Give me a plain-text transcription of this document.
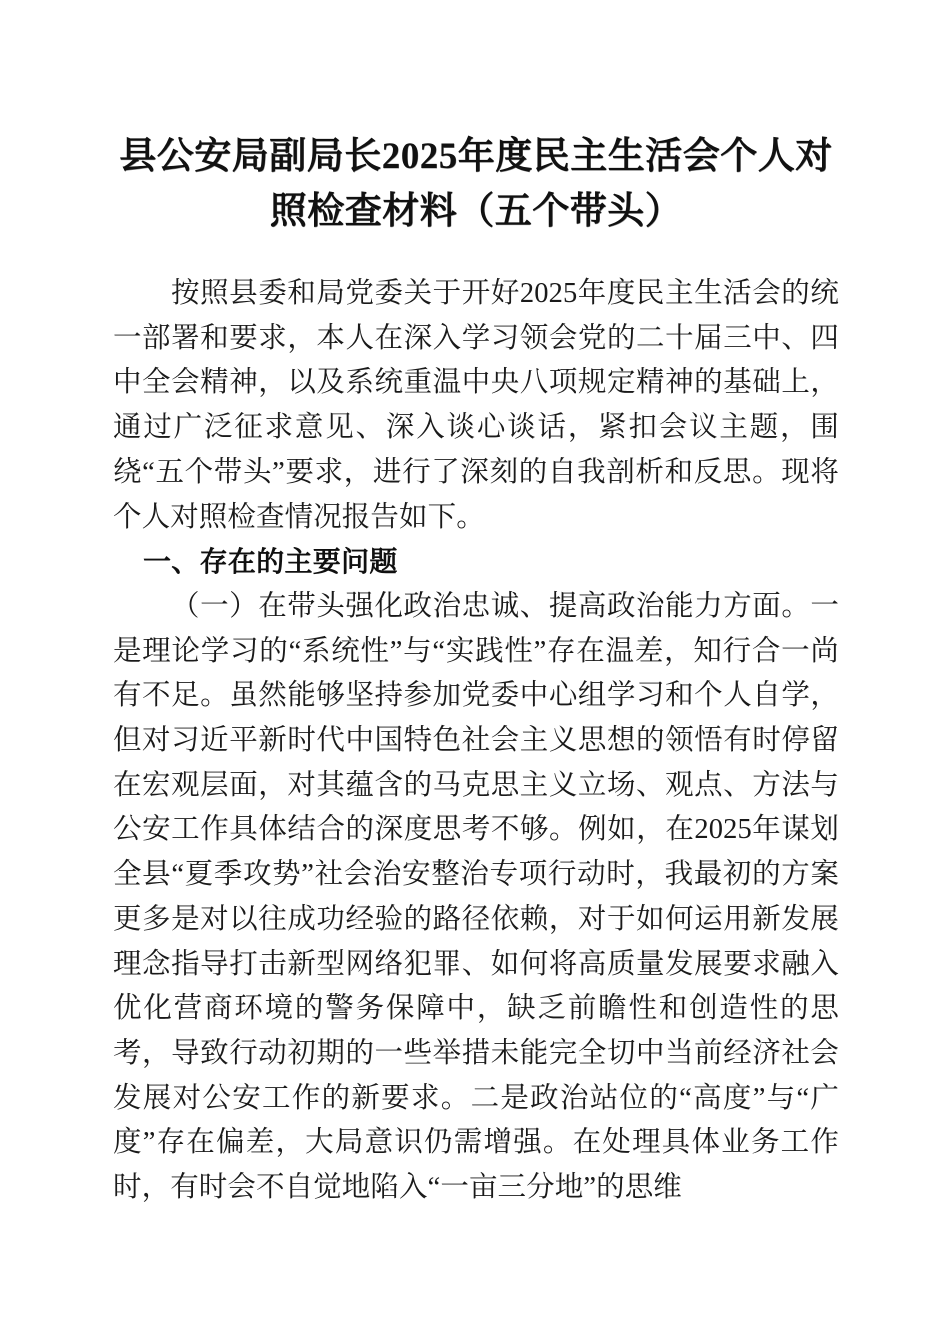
县公安局副局长2025年度民主生活会个人对照检查材料（五个带头）

按照县委和局党委关于开好2025年度民主生活会的统一部署和要求，本人在深入学习领会党的二十届三中、四中全会精神，以及系统重温中央八项规定精神的基础上，通过广泛征求意见、深入谈心谈话，紧扣会议主题，围绕“五个带头”要求，进行了深刻的自我剖析和反思。现将个人对照检查情况报告如下。

一、存在的主要问题

（一）在带头强化政治忠诚、提高政治能力方面。一是理论学习的“系统性”与“实践性”存在温差，知行合一尚有不足。虽然能够坚持参加党委中心组学习和个人自学，但对习近平新时代中国特色社会主义思想的领悟有时停留在宏观层面，对其蕴含的马克思主义立场、观点、方法与公安工作具体结合的深度思考不够。例如，在2025年谋划全县“夏季攻势”社会治安整治专项行动时，我最初的方案更多是对以往成功经验的路径依赖，对于如何运用新发展理念指导打击新型网络犯罪、如何将高质量发展要求融入优化营商环境的警务保障中，缺乏前瞻性和创造性的思考，导致行动初期的一些举措未能完全切中当前经济社会发展对公安工作的新要求。二是政治站位的“高度”与“广度”存在偏差，大局意识仍需增强。在处理具体业务工作时，有时会不自觉地陷入“一亩三分地”的思维
